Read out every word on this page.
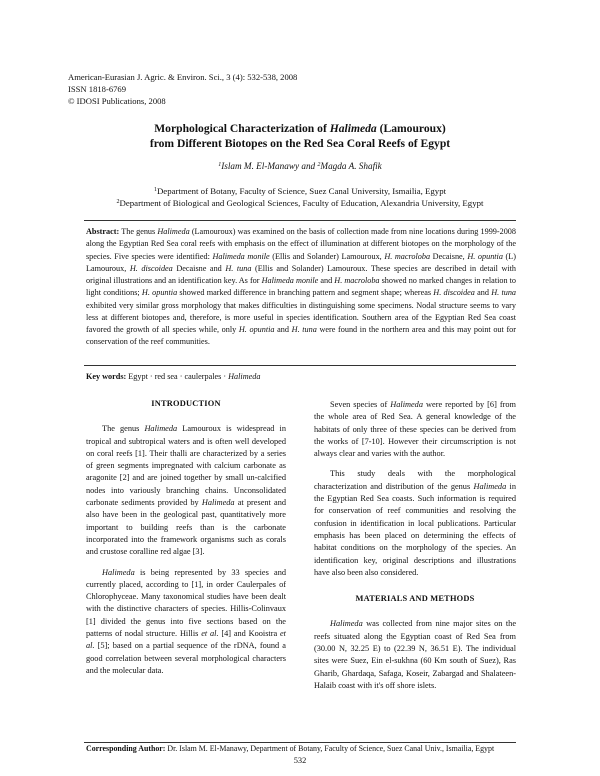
American-Eurasian J. Agric. & Environ. Sci., 3 (4): 532-538, 2008
ISSN 1818-6769
© IDOSI Publications, 2008
Morphological Characterization of Halimeda (Lamouroux)
from Different Biotopes on the Red Sea Coral Reefs of Egypt
$^1$Islam M. El-Manawy and $^2$Magda A. Shafik
$^1$Department of Botany, Faculty of Science, Suez Canal University, Ismailia, Egypt
$^2$Department of Biological and Geological Sciences, Faculty of Education, Alexandria University, Egypt
Abstract: The genus Halimeda (Lamouroux) was examined on the basis of collection made from nine locations during 1999-2008 along the Egyptian Red Sea coral reefs with emphasis on the effect of illumination at different biotopes on the morphology of the species. Five species were identified: Halimeda monile (Ellis and Solander) Lamouroux, H. macroloba Decaisne, H. opuntia (L) Lamouroux, H. discoidea Decaisne and H. tuna (Ellis and Solander) Lamouroux. These species are described in detail with original illustrations and an identification key. As for Halimeda monile and H. macroloba showed no marked changes in relation to light conditions; H. opuntia showed marked difference in branching pattern and segment shape; whereas H. discoidea and H. tuna exhibited very similar gross morphology that makes difficulties in distinguishing some specimens. Nodal structure seems to vary less at different biotopes and, therefore, is more useful in species identification. Southern area of the Egyptian Red Sea coast favored the growth of all species while, only H. opuntia and H. tuna were found in the northern area and this may point out for conservation of the reef communities.
Key words: Egypt · red sea · caulerpales · Halimeda
INTRODUCTION

The genus Halimeda Lamouroux is widespread in tropical and subtropical waters and is often well developed on coral reefs [1]. Their thalli are characterized by a series of green segments impregnated with calcium carbonate as aragonite [2] and are joined together by small un-calcified nodes into variously branching chains. Unconsolidated carbonate sediments provided by Halimeda at present and also have been in the geological past, quantitatively more important to building reefs than is the carbonate incorporated into the framework organisms such as corals and crustose coralline red algae [3].

Halimeda is being represented by 33 species and currently placed, according to [1], in order Caulerpales of Chlorophyceae. Many taxonomical studies have been dealt with the distinctive characters of species. Hillis-Colinvaux [1] divided the genus into five sections based on the patterns of nodal structure. Hillis et al. [4] and Kooistra et al. [5]; based on a partial sequence of the rDNA, found a good correlation between several morphological characters and the molecular data.

Seven species of Halimeda were reported by [6] from the whole area of Red Sea. A general knowledge of the habitats of only three of these species can be derived from the works of [7-10]. However their circumscription is not always clear and varies with the author.

This study deals with the morphological characterization and distribution of the genus Halimeda in the Egyptian Red Sea coasts. Such information is required for conservation of reef communities and resolving the confusion in identification in local publications. Particular emphasis has been placed on determining the effects of habitat conditions on the morphology of the species. An identification key, original descriptions and illustrations have also been also considered.

MATERIALS AND METHODS

Halimeda was collected from nine major sites on the reefs situated along the Egyptian coast of Red Sea from (30.00 N, 32.25 E) to (22.39 N, 36.51 E). The individual sites were Suez, Ein el-sukhna (60 Km south of Suez), Ras Gharib, Ghardaqa, Safaga, Koseir, Zabargad and Shalateen-Halaib coast with it's off shore islets.

Corresponding Author: Dr. Islam M. El-Manawy, Department of Botany, Faculty of Science, Suez Canal Univ., Ismailia, Egypt
532
